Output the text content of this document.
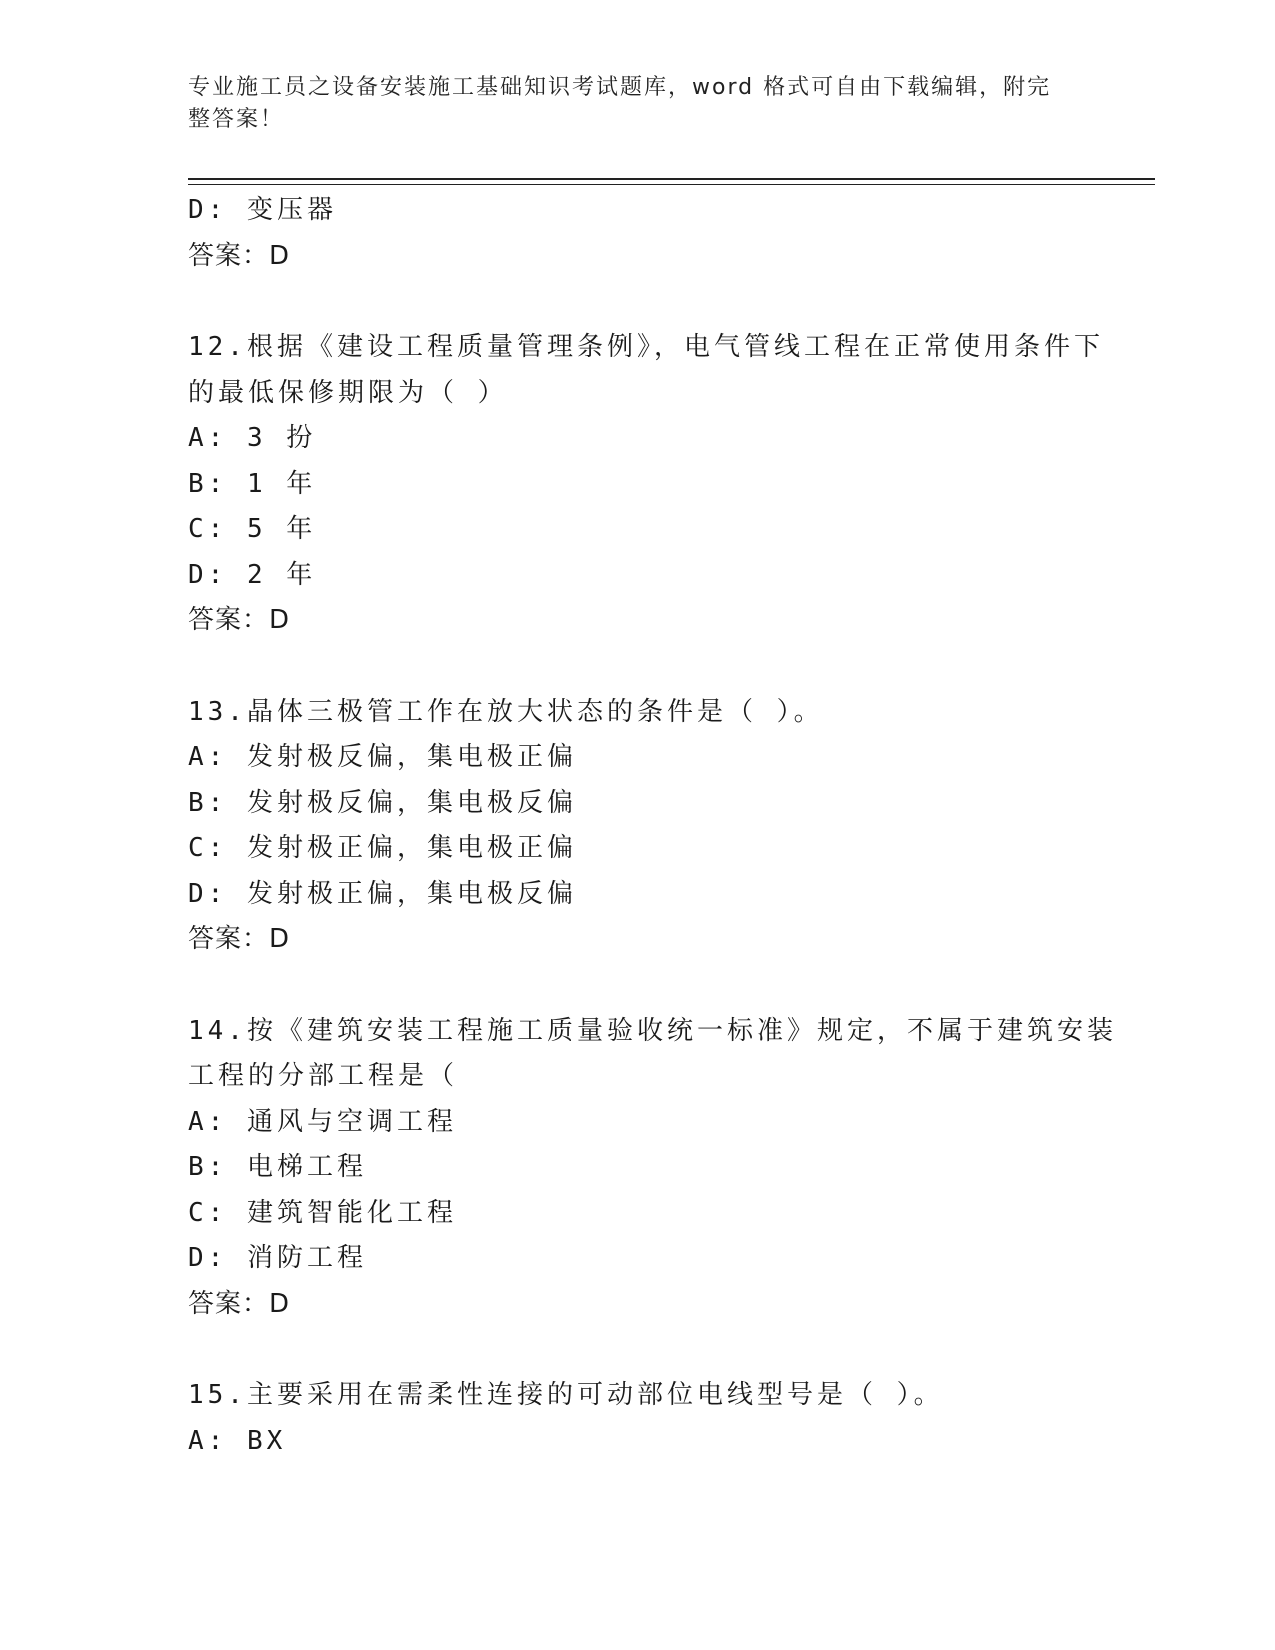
专业施工员之设备安装施工基础知识考试题库，word 格式可自由下载编辑，附完整答案！
D: 变压器
答案：D
12.根据《建设工程质量管理条例》，电气管线工程在正常使用条件下
的最低保修期限为（ ）
A: 3 扮
B: 1 年
C: 5 年
D: 2 年
答案：D
13.晶体三极管工作在放大状态的条件是（ ）。
A: 发射极反偏，集电极正偏
B: 发射极反偏，集电极反偏
C: 发射极正偏，集电极正偏
D: 发射极正偏，集电极反偏
答案：D
14.按《建筑安装工程施工质量验收统一标准》规定，不属于建筑安装
工程的分部工程是（
A: 通风与空调工程
B: 电梯工程
C: 建筑智能化工程
D: 消防工程
答案：D
15.主要采用在需柔性连接的可动部位电线型号是（ ）。
A: BX
